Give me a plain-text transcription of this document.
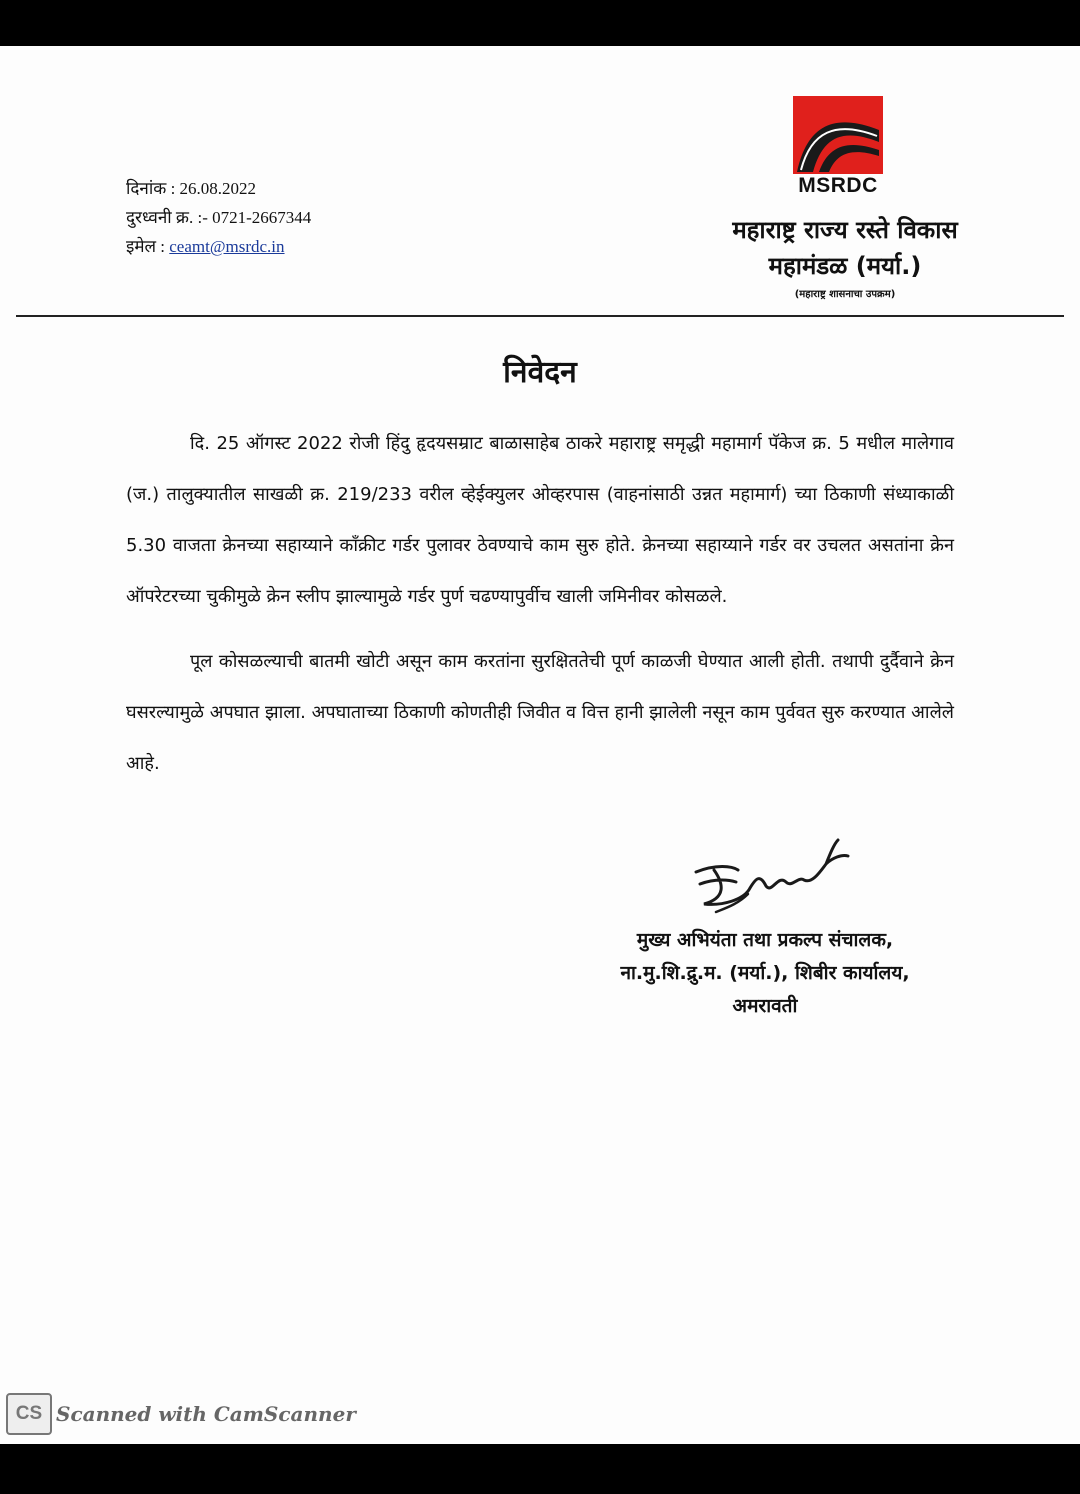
दिनांक : 26.08.2022
दुरध्वनी क्र. :- 0721-2667344
इमेल : ceamt@msrdc.in
MSRDC
महाराष्ट्र राज्य रस्ते विकास
महामंडळ (मर्या.)
(महाराष्ट्र शासनाचा उपक्रम)
निवेदन

दि. 25 ऑगस्ट 2022 रोजी हिंदु हृदयसम्राट बाळासाहेब ठाकरे महाराष्ट्र समृद्धी महामार्ग पॅकेज क्र. 5 मधील मालेगाव (ज.) तालुक्यातील साखळी क्र. 219/233 वरील व्हेईक्युलर ओव्हरपास (वाहनांसाठी उन्नत महामार्ग) च्या ठिकाणी संध्याकाळी 5.30 वाजता क्रेनच्या सहाय्याने काँक्रीट गर्डर पुलावर ठेवण्याचे काम सुरु होते. क्रेनच्या सहाय्याने गर्डर वर उचलत असतांना क्रेन ऑपरेटरच्या चुकीमुळे क्रेन स्लीप झाल्यामुळे गर्डर पुर्ण चढण्यापुर्वीच खाली जमिनीवर कोसळले.

पूल कोसळल्याची बातमी खोटी असून काम करतांना सुरक्षिततेची पूर्ण काळजी घेण्यात आली होती. तथापी दुर्दैवाने क्रेन घसरल्यामुळे अपघात झाला. अपघाताच्या ठिकाणी कोणतीही जिवीत व वित्त हानी झालेली नसून काम पुर्ववत सुरु करण्यात आलेले आहे.

मुख्य अभियंता तथा प्रकल्प संचालक,
ना.मु.शि.द्रु.म. (मर्या.), शिबीर कार्यालय,
अमरावती
CS Scanned with CamScanner
